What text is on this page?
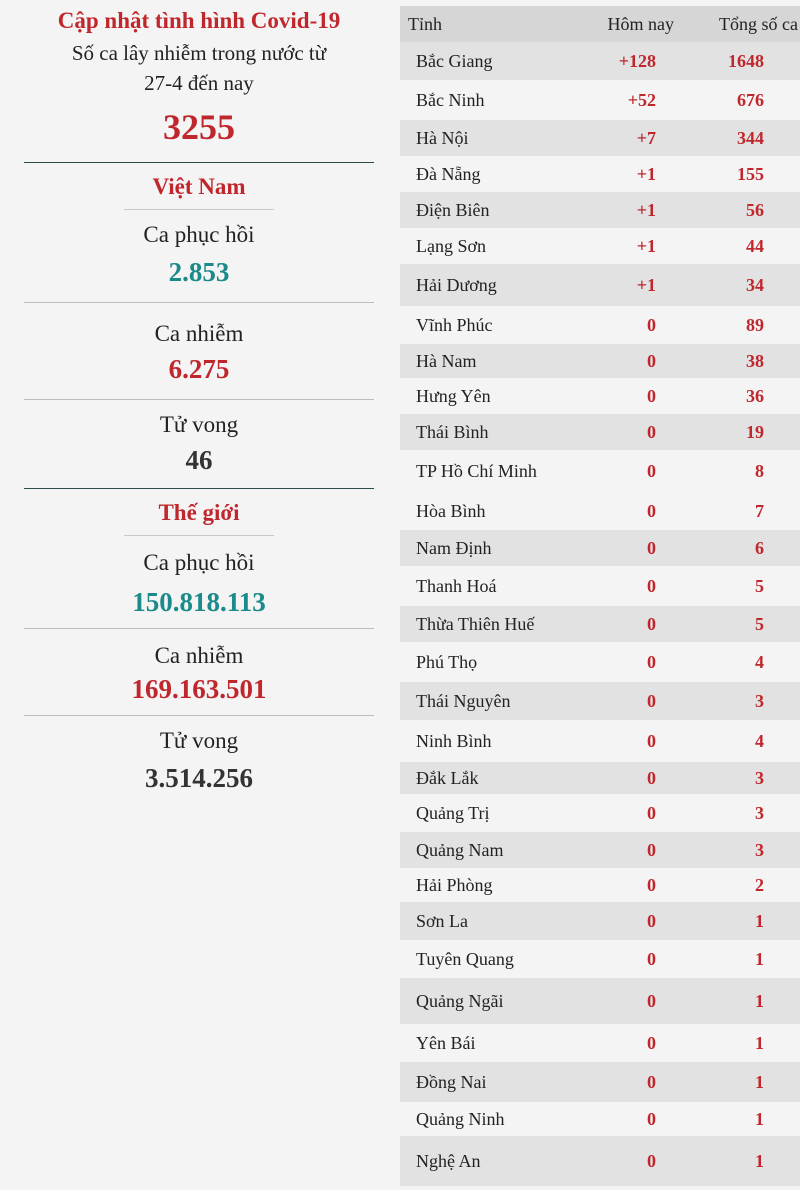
Cập nhật tình hình Covid-19
Số ca lây nhiễm trong nước từ
27-4 đến nay
3255
Việt Nam
Ca phục hồi
2.853
Ca nhiễm
6.275
Tử vong
46
Thế giới
Ca phục hồi
150.818.113
Ca nhiễm
169.163.501
Tử vong
3.514.256
Tỉnh	Hôm nay	Tổng số ca
Bắc Giang	+128	1648
Bắc Ninh	+52	676
Hà Nội	+7	344
Đà Nẵng	+1	155
Điện Biên	+1	56
Lạng Sơn	+1	44
Hải Dương	+1	34
Vĩnh Phúc	0	89
Hà Nam	0	38
Hưng Yên	0	36
Thái Bình	0	19
TP Hồ Chí Minh	0	8
Hòa Bình	0	7
Nam Định	0	6
Thanh Hoá	0	5
Thừa Thiên Huế	0	5
Phú Thọ	0	4
Thái Nguyên	0	3
Ninh Bình	0	4
Đắk Lắk	0	3
Quảng Trị	0	3
Quảng Nam	0	3
Hải Phòng	0	2
Sơn La	0	1
Tuyên Quang	0	1
Quảng Ngãi	0	1
Yên Bái	0	1
Đồng Nai	0	1
Quảng Ninh	0	1
Nghệ An	0	1
